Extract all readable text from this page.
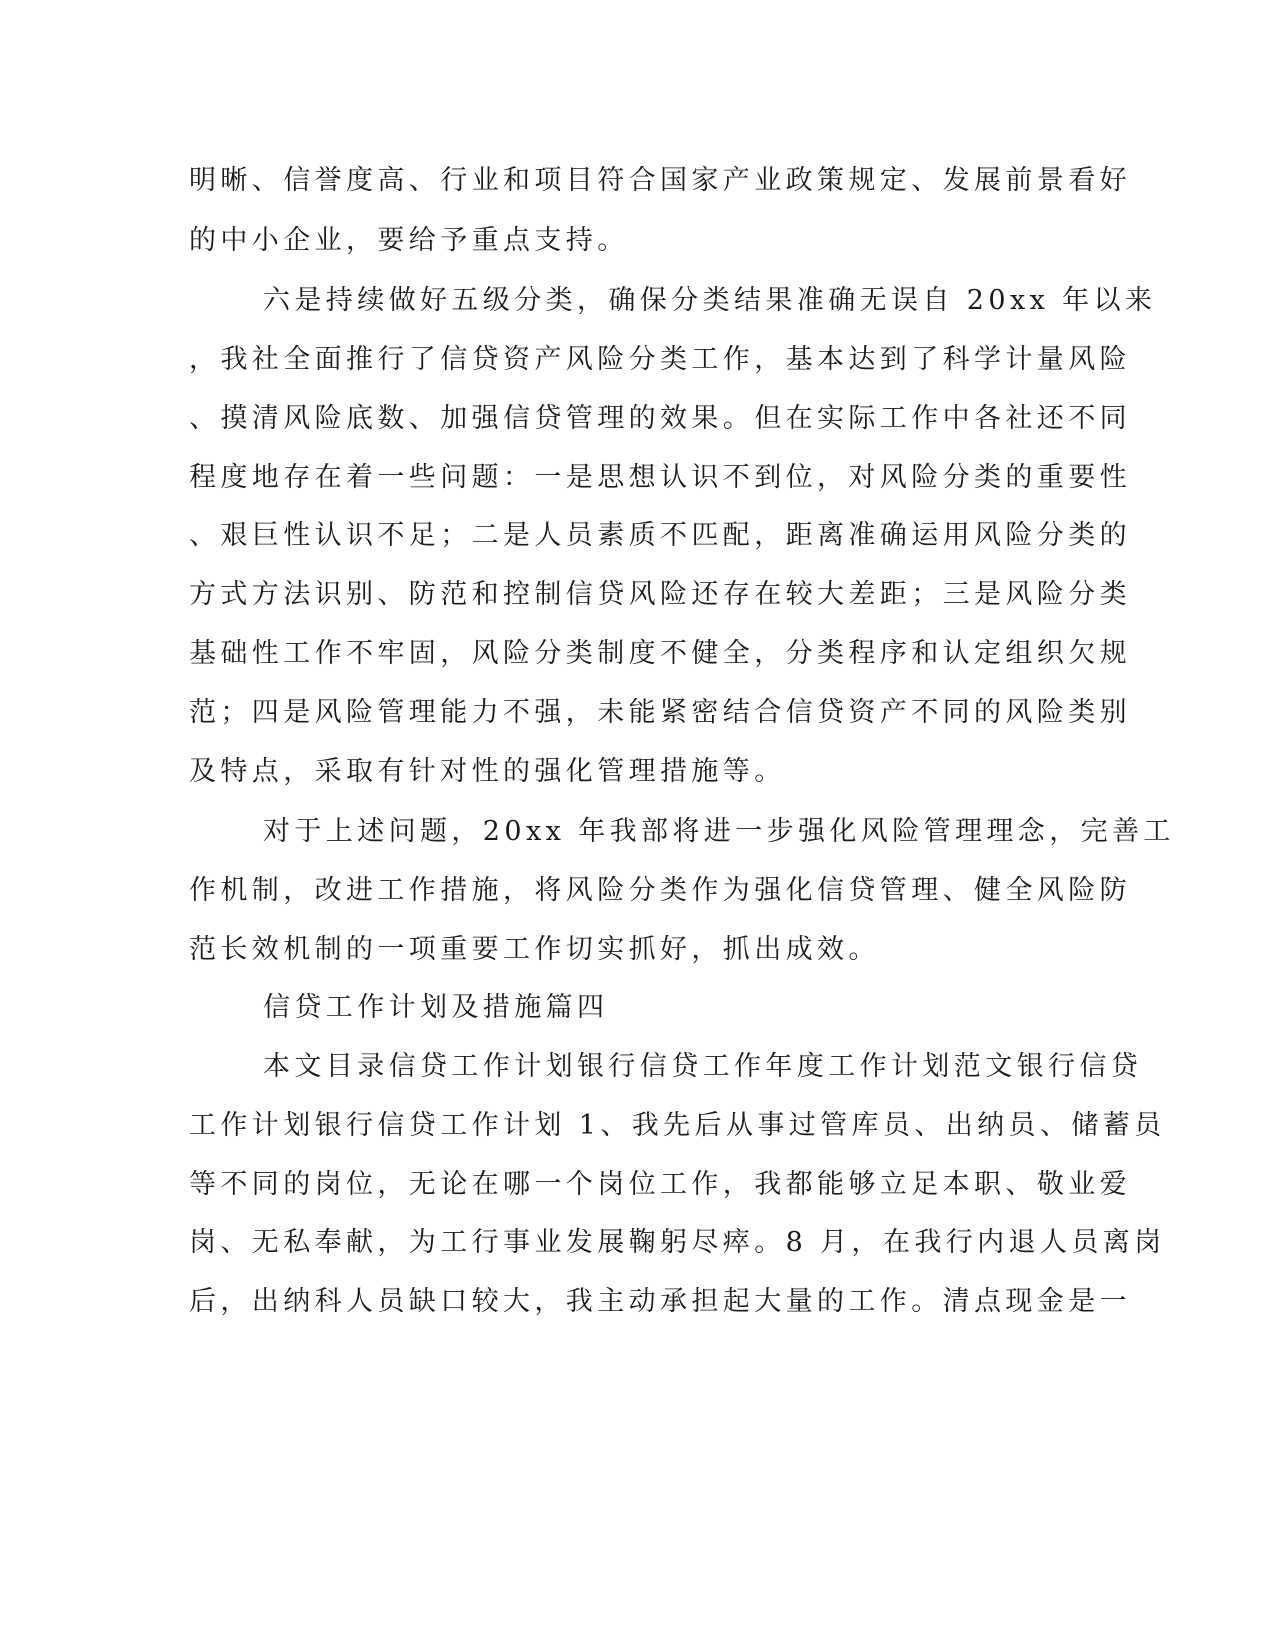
明晰、信誉度高、行业和项目符合国家产业政策规定、发展前景看好
的中小企业，要给予重点支持。
六是持续做好五级分类，确保分类结果准确无误自 20xx 年以来
，我社全面推行了信贷资产风险分类工作，基本达到了科学计量风险
、摸清风险底数、加强信贷管理的效果。但在实际工作中各社还不同
程度地存在着一些问题：一是思想认识不到位，对风险分类的重要性
、艰巨性认识不足；二是人员素质不匹配，距离准确运用风险分类的
方式方法识别、防范和控制信贷风险还存在较大差距；三是风险分类
基础性工作不牢固，风险分类制度不健全，分类程序和认定组织欠规
范；四是风险管理能力不强，未能紧密结合信贷资产不同的风险类别
及特点，采取有针对性的强化管理措施等。
对于上述问题，20xx 年我部将进一步强化风险管理理念，完善工
作机制，改进工作措施，将风险分类作为强化信贷管理、健全风险防
范长效机制的一项重要工作切实抓好，抓出成效。
信贷工作计划及措施篇四
本文目录信贷工作计划银行信贷工作年度工作计划范文银行信贷
工作计划银行信贷工作计划 1、我先后从事过管库员、出纳员、储蓄员
等不同的岗位，无论在哪一个岗位工作，我都能够立足本职、敬业爱
岗、无私奉献，为工行事业发展鞠躬尽瘁。8 月，在我行内退人员离岗
后，出纳科人员缺口较大，我主动承担起大量的工作。清点现金是一
